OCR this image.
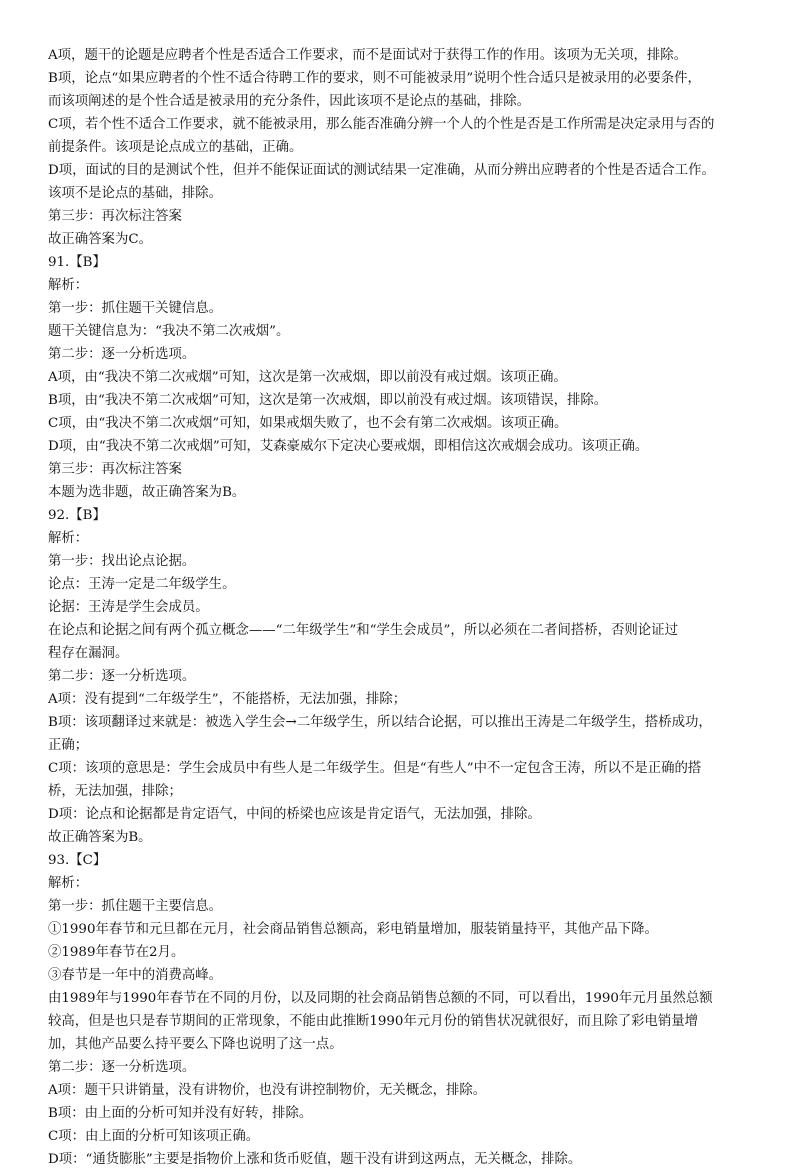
A项，题干的论题是应聘者个性是否适合工作要求，而不是面试对于获得工作的作用。该项为无关项，排除。
B项，论点“如果应聘者的个性不适合待聘工作的要求，则不可能被录用”说明个性合适只是被录用的必要条件，
而该项阐述的是个性合适是被录用的充分条件，因此该项不是论点的基础，排除。
C项，若个性不适合工作要求，就不能被录用，那么能否准确分辨一个人的个性是否是工作所需是决定录用与否的
前提条件。该项是论点成立的基础，正确。
D项，面试的目的是测试个性，但并不能保证面试的测试结果一定准确，从而分辨出应聘者的个性是否适合工作。
该项不是论点的基础，排除。
第三步：再次标注答案
故正确答案为C。
91.【B】
解析：
第一步：抓住题干关键信息。
题干关键信息为：“我决不第二次戒烟”。
第二步：逐一分析选项。
A项，由“我决不第二次戒烟”可知，这次是第一次戒烟，即以前没有戒过烟。该项正确。
B项，由“我决不第二次戒烟”可知，这次是第一次戒烟，即以前没有戒过烟。该项错误，排除。
C项，由“我决不第二次戒烟”可知，如果戒烟失败了，也不会有第二次戒烟。该项正确。
D项，由“我决不第二次戒烟”可知，艾森豪威尔下定决心要戒烟，即相信这次戒烟会成功。该项正确。
第三步：再次标注答案
本题为选非题，故正确答案为B。
92.【B】
解析：
第一步：找出论点论据。
论点：王涛一定是二年级学生。
论据：王涛是学生会成员。
在论点和论据之间有两个孤立概念——“二年级学生”和“学生会成员”，所以必须在二者间搭桥，否则论证过
程存在漏洞。
第二步：逐一分析选项。
A项：没有提到“二年级学生”，不能搭桥，无法加强，排除；
B项：该项翻译过来就是：被选入学生会→二年级学生，所以结合论据，可以推出王涛是二年级学生，搭桥成功，
正确；
C项：该项的意思是：学生会成员中有些人是二年级学生。但是“有些人”中不一定包含王涛，所以不是正确的搭
桥，无法加强，排除；
D项：论点和论据都是肯定语气，中间的桥梁也应该是肯定语气，无法加强，排除。
故正确答案为B。
93.【C】
解析：
第一步：抓住题干主要信息。
①1990年春节和元旦都在元月，社会商品销售总额高，彩电销量增加，服装销量持平，其他产品下降。
②1989年春节在2月。
③春节是一年中的消费高峰。
由1989年与1990年春节在不同的月份，以及同期的社会商品销售总额的不同，可以看出，1990年元月虽然总额
较高，但是也只是春节期间的正常现象，不能由此推断1990年元月份的销售状况就很好，而且除了彩电销量增
加，其他产品要么持平要么下降也说明了这一点。
第二步：逐一分析选项。
A项：题干只讲销量，没有讲物价，也没有讲控制物价，无关概念，排除。
B项：由上面的分析可知并没有好转，排除。
C项：由上面的分析可知该项正确。
D项：“通货膨胀”主要是指物价上涨和货币贬值，题干没有讲到这两点，无关概念，排除。
